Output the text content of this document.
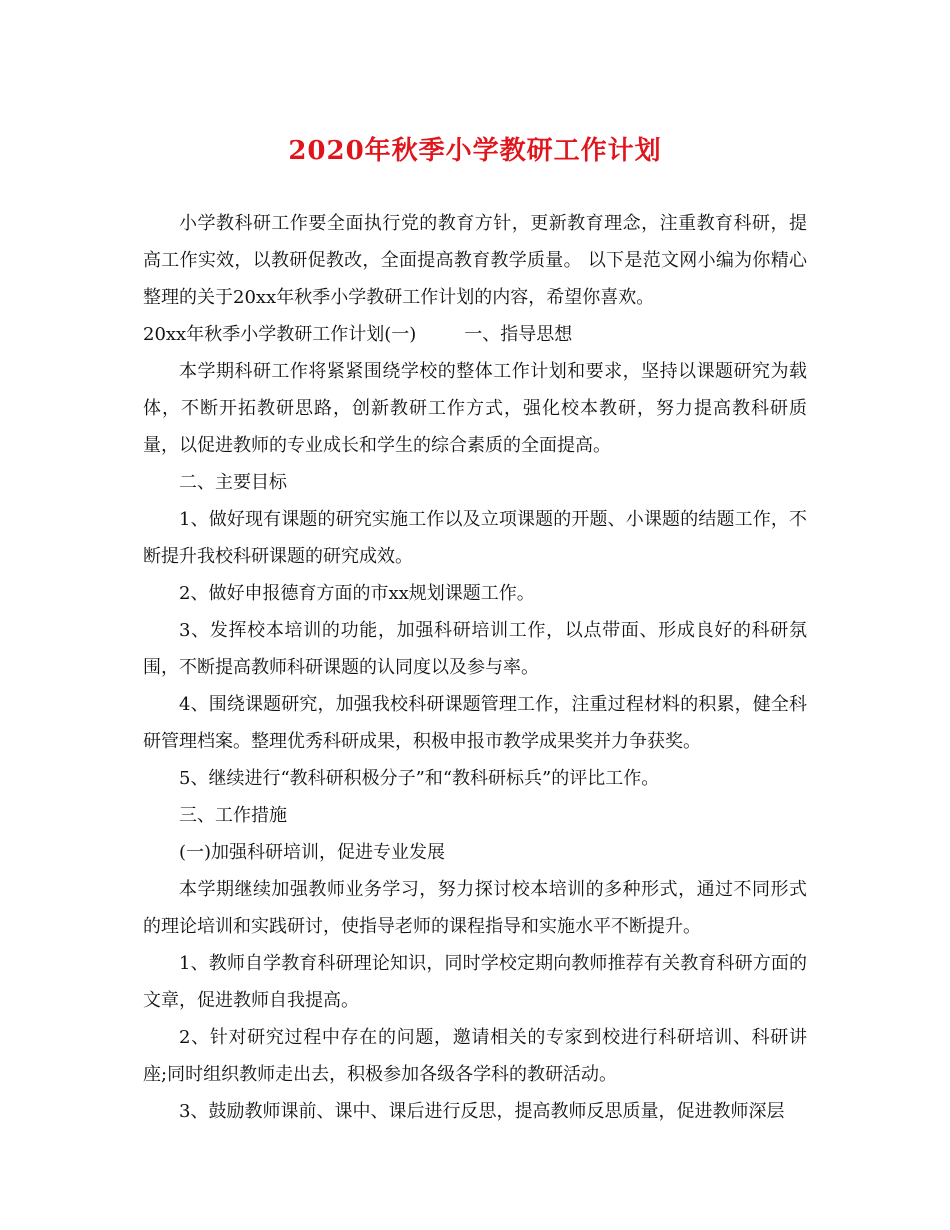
2020年秋季小学教研工作计划

小学教科研工作要全面执行党的教育方针，更新教育理念，注重教育科研，提高工作实效，以教研促教改，全面提高教育教学质量。 以下是范文网小编为你精心整理的关于20xx年秋季小学教研工作计划的内容，希望你喜欢。

20xx年秋季小学教研工作计划(一)	一、指导思想

本学期科研工作将紧紧围绕学校的整体工作计划和要求，坚持以课题研究为载体，不断开拓教研思路，创新教研工作方式，强化校本教研，努力提高教科研质量，以促进教师的专业成长和学生的综合素质的全面提高。

二、主要目标

1、做好现有课题的研究实施工作以及立项课题的开题、小课题的结题工作，不断提升我校科研课题的研究成效。

2、做好申报德育方面的市xx规划课题工作。

3、发挥校本培训的功能，加强科研培训工作，以点带面、形成良好的科研氛围，不断提高教师科研课题的认同度以及参与率。

4、围绕课题研究，加强我校科研课题管理工作，注重过程材料的积累，健全科研管理档案。整理优秀科研成果，积极申报市教学成果奖并力争获奖。

5、继续进行“教科研积极分子”和“教科研标兵”的评比工作。

三、工作措施

(一)加强科研培训，促进专业发展

本学期继续加强教师业务学习，努力探讨校本培训的多种形式，通过不同形式的理论培训和实践研讨，使指导老师的课程指导和实施水平不断提升。

1、教师自学教育科研理论知识，同时学校定期向教师推荐有关教育科研方面的文章，促进教师自我提高。

2、针对研究过程中存在的问题，邀请相关的专家到校进行科研培训、科研讲座;同时组织教师走出去，积极参加各级各学科的教研活动。

3、鼓励教师课前、课中、课后进行反思，提高教师反思质量，促进教师深层
